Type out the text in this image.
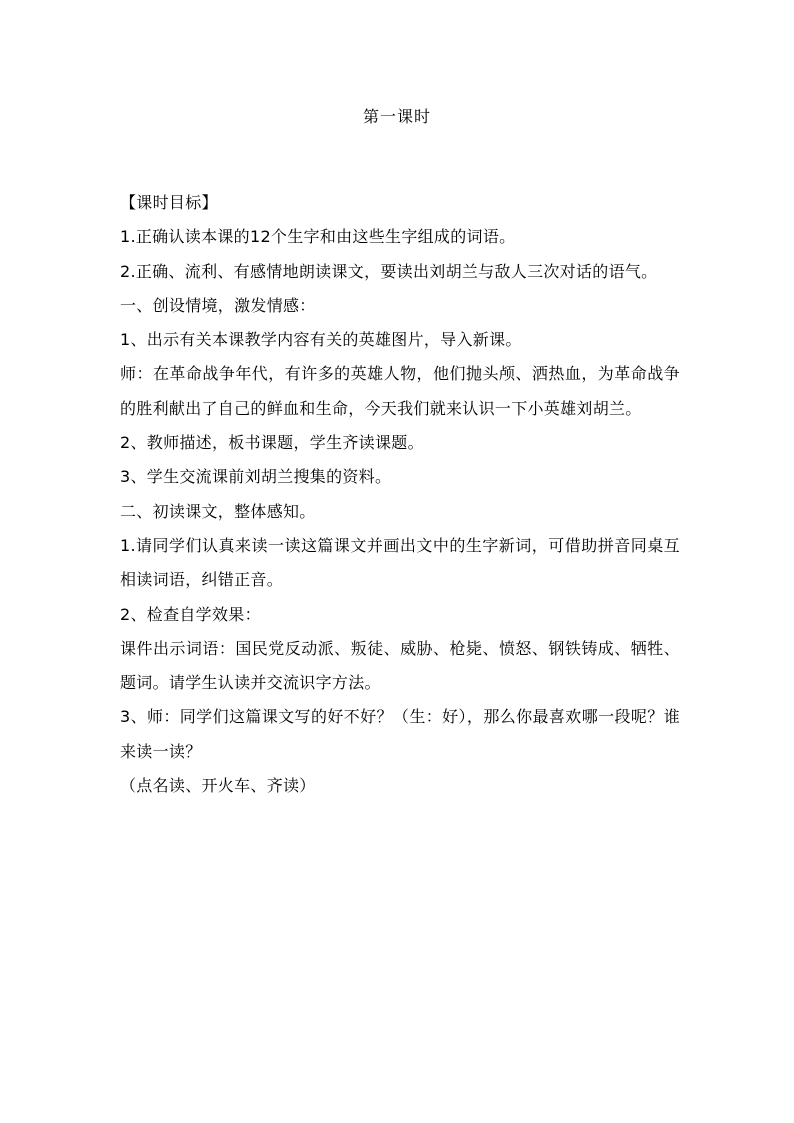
第一课时

【课时目标】

1.正确认读本课的12个生字和由这些生字组成的词语。

2.正确、流利、有感情地朗读课文，要读出刘胡兰与敌人三次对话的语气。

一、创设情境，激发情感：

1、出示有关本课教学内容有关的英雄图片，导入新课。

师：在革命战争年代，有许多的英雄人物，他们抛头颅、洒热血，为革命战争的胜利献出了自己的鲜血和生命，今天我们就来认识一下小英雄刘胡兰。

2、教师描述，板书课题，学生齐读课题。

3、学生交流课前刘胡兰搜集的资料。

二、初读课文，整体感知。

1.请同学们认真来读一读这篇课文并画出文中的生字新词，可借助拼音同桌互相读词语，纠错正音。

2、检查自学效果：

课件出示词语：国民党反动派、叛徒、威胁、枪毙、愤怒、钢铁铸成、牺牲、题词。请学生认读并交流识字方法。

3、师：同学们这篇课文写的好不好？（生：好），那么你最喜欢哪一段呢？谁来读一读？

（点名读、开火车、齐读）
